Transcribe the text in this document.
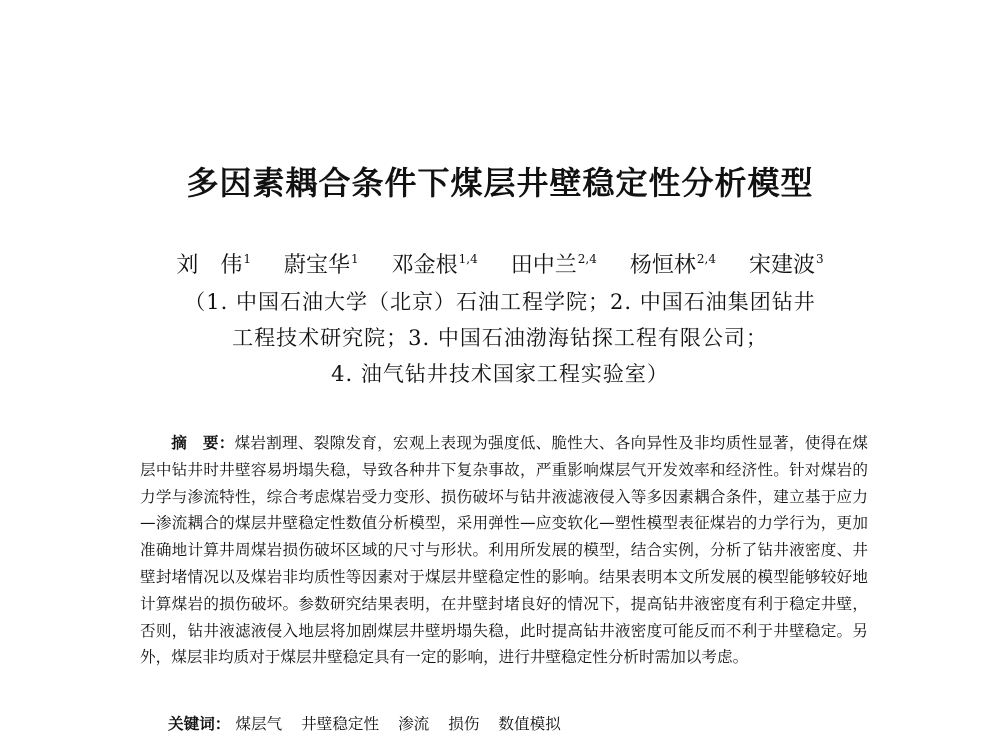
多因素耦合条件下煤层井壁稳定性分析模型
刘　伟$^1$ 蔚宝华$^1$ 邓金根$^{1,4}$ 田中兰$^{2,4}$ 杨恒林$^{2,4}$ 宋建波$^3$
（1. 中国石油大学（北京）石油工程学院；2. 中国石油集团钻井
工程技术研究院；3. 中国石油渤海钻探工程有限公司；
4. 油气钻井技术国家工程实验室）
摘　要：煤岩割理、裂隙发育，宏观上表现为强度低、脆性大、各向异性及非均质性显著，使得在煤层中钻井时井壁容易坍塌失稳，导致各种井下复杂事故，严重影响煤层气开发效率和经济性。针对煤岩的力学与渗流特性，综合考虑煤岩受力变形、损伤破坏与钻井液滤液侵入等多因素耦合条件，建立基于应力—渗流耦合的煤层井壁稳定性数值分析模型，采用弹性—应变软化—塑性模型表征煤岩的力学行为，更加准确地计算井周煤岩损伤破坏区域的尺寸与形状。利用所发展的模型，结合实例，分析了钻井液密度、井壁封堵情况以及煤岩非均质性等因素对于煤层井壁稳定性的影响。结果表明本文所发展的模型能够较好地计算煤岩的损伤破坏。参数研究结果表明，在井壁封堵良好的情况下，提高钻井液密度有利于稳定井壁，否则，钻井液滤液侵入地层将加剧煤层井壁坍塌失稳，此时提高钻井液密度可能反而不利于井壁稳定。另外，煤层非均质对于煤层井壁稳定具有一定的影响，进行井壁稳定性分析时需加以考虑。
关键词： 煤层气 井壁稳定性 渗流 损伤 数值模拟
